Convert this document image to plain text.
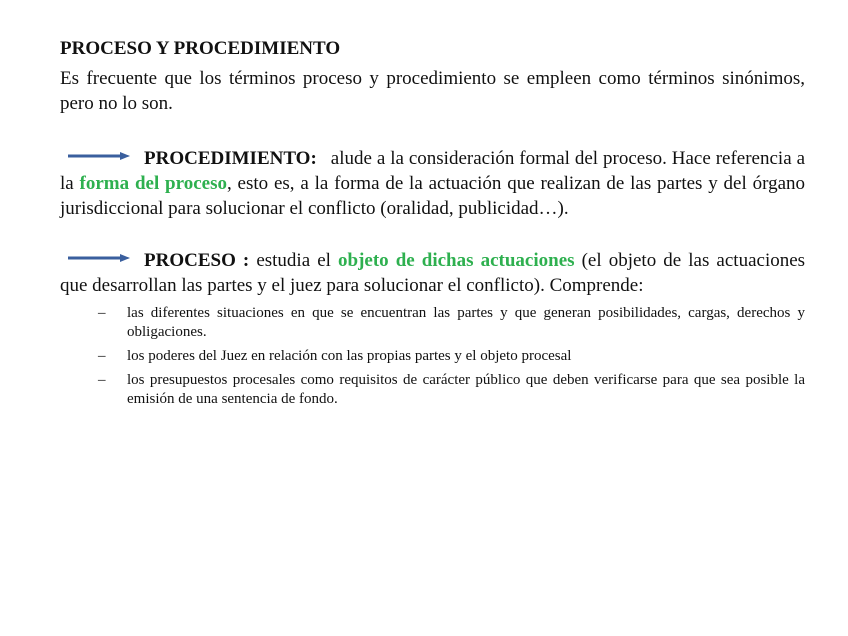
PROCESO Y PROCEDIMIENTO

Es frecuente que los términos proceso y procedimiento se empleen como términos sinónimos, pero no lo son.

PROCEDIMIENTO: alude a la consideración formal del proceso. Hace referencia a la forma del proceso, esto es, a la forma de la actuación que realizan de las partes y del órgano jurisdiccional para solucionar el conflicto (oralidad, publicidad…).

PROCESO : estudia el objeto de dichas actuaciones (el objeto de las actuaciones que desarrollan las partes y el juez para solucionar el conflicto). Comprende:

– las diferentes situaciones en que se encuentran las partes y que generan posibilidades, cargas, derechos y obligaciones.
– los poderes del Juez en relación con las propias partes y el objeto procesal
– los presupuestos procesales como requisitos de carácter público que deben verificarse para que sea posible la emisión de una sentencia de fondo.
